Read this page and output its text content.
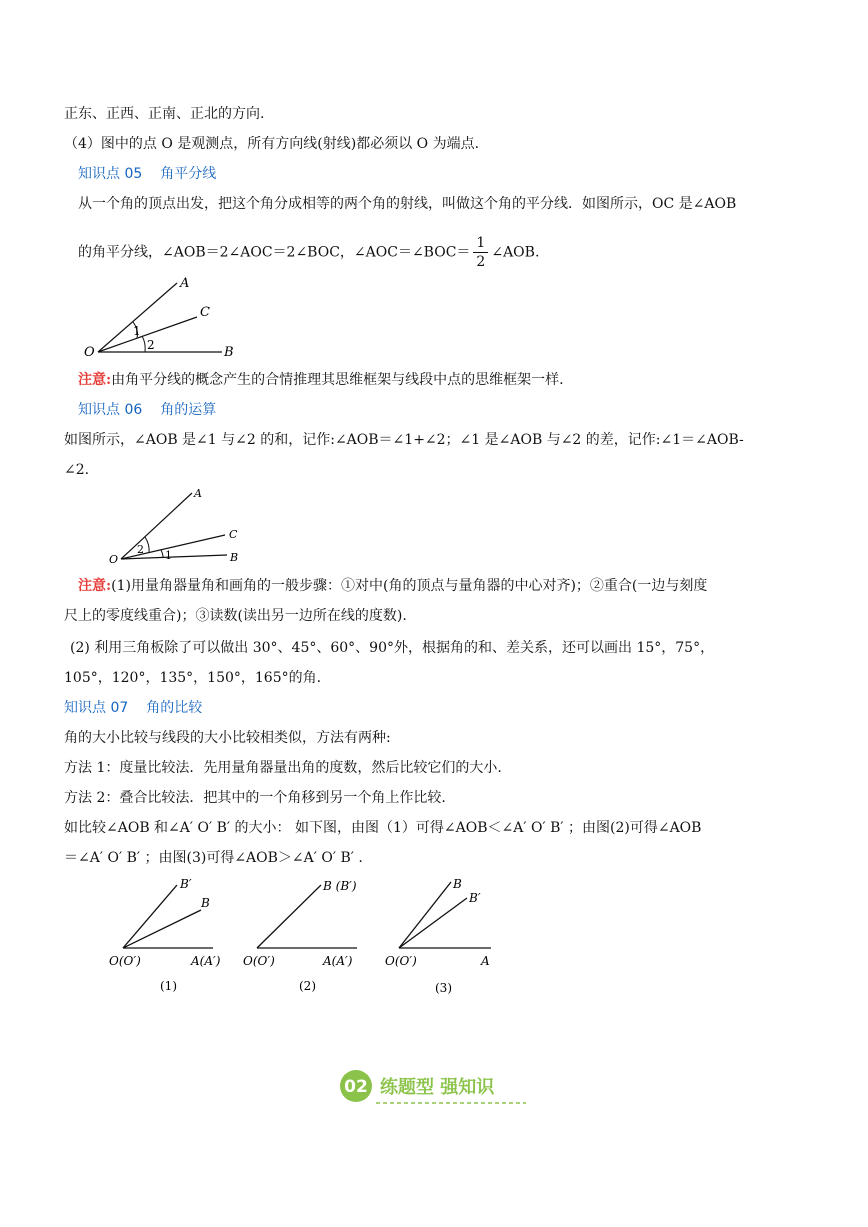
正东、正西、正南、正北的方向.
（4）图中的点 O 是观测点，所有方向线(射线)都必须以 O 为端点.
知识点 05 角平分线
从一个角的顶点出发，把这个角分成相等的两个角的射线，叫做这个角的平分线．如图所示，OC 是∠AOB
的角平分线，∠AOB＝2∠AOC＝2∠BOC，∠AOC＝∠BOC＝ $\frac{1}{2}$ ∠AOB.
A
C
B
O
1
2
注意:由角平分线的概念产生的合情推理其思维框架与线段中点的思维框架一样.
知识点 06 角的运算
如图所示，∠AOB 是∠1 与∠2 的和，记作:∠AOB＝∠1+∠2；∠1 是∠AOB 与∠2 的差，记作:∠1＝∠AOB-
∠2.
A
C
B
O
2 1
注意:(1)用量角器量角和画角的一般步骤：①对中(角的顶点与量角器的中心对齐)；②重合(一边与刻度
尺上的零度线重合)；③读数(读出另一边所在线的度数).
(2) 利用三角板除了可以做出 30°、45°、60°、90°外，根据角的和、差关系，还可以画出 15°，75°，
105°，120°，135°，150°，165°的角.
知识点 07 角的比较
角的大小比较与线段的大小比较相类似，方法有两种:
方法 1：度量比较法．先用量角器量出角的度数，然后比较它们的大小.
方法 2：叠合比较法．把其中的一个角移到另一个角上作比较.
如比较∠AOB 和∠A′ O′ B′ 的大小： 如下图，由图（1）可得∠AOB＜∠A′ O′ B′ ；由图(2)可得∠AOB
＝∠A′ O′ B′ ；由图(3)可得∠AOB＞∠A′ O′ B′ .
B′
B
O(O′)	A(A′)
(1)
B (B′)
O(O′)	A(A′)
(2)
B
B′
O(O′)	A
(3)
02 练题型 强知识
